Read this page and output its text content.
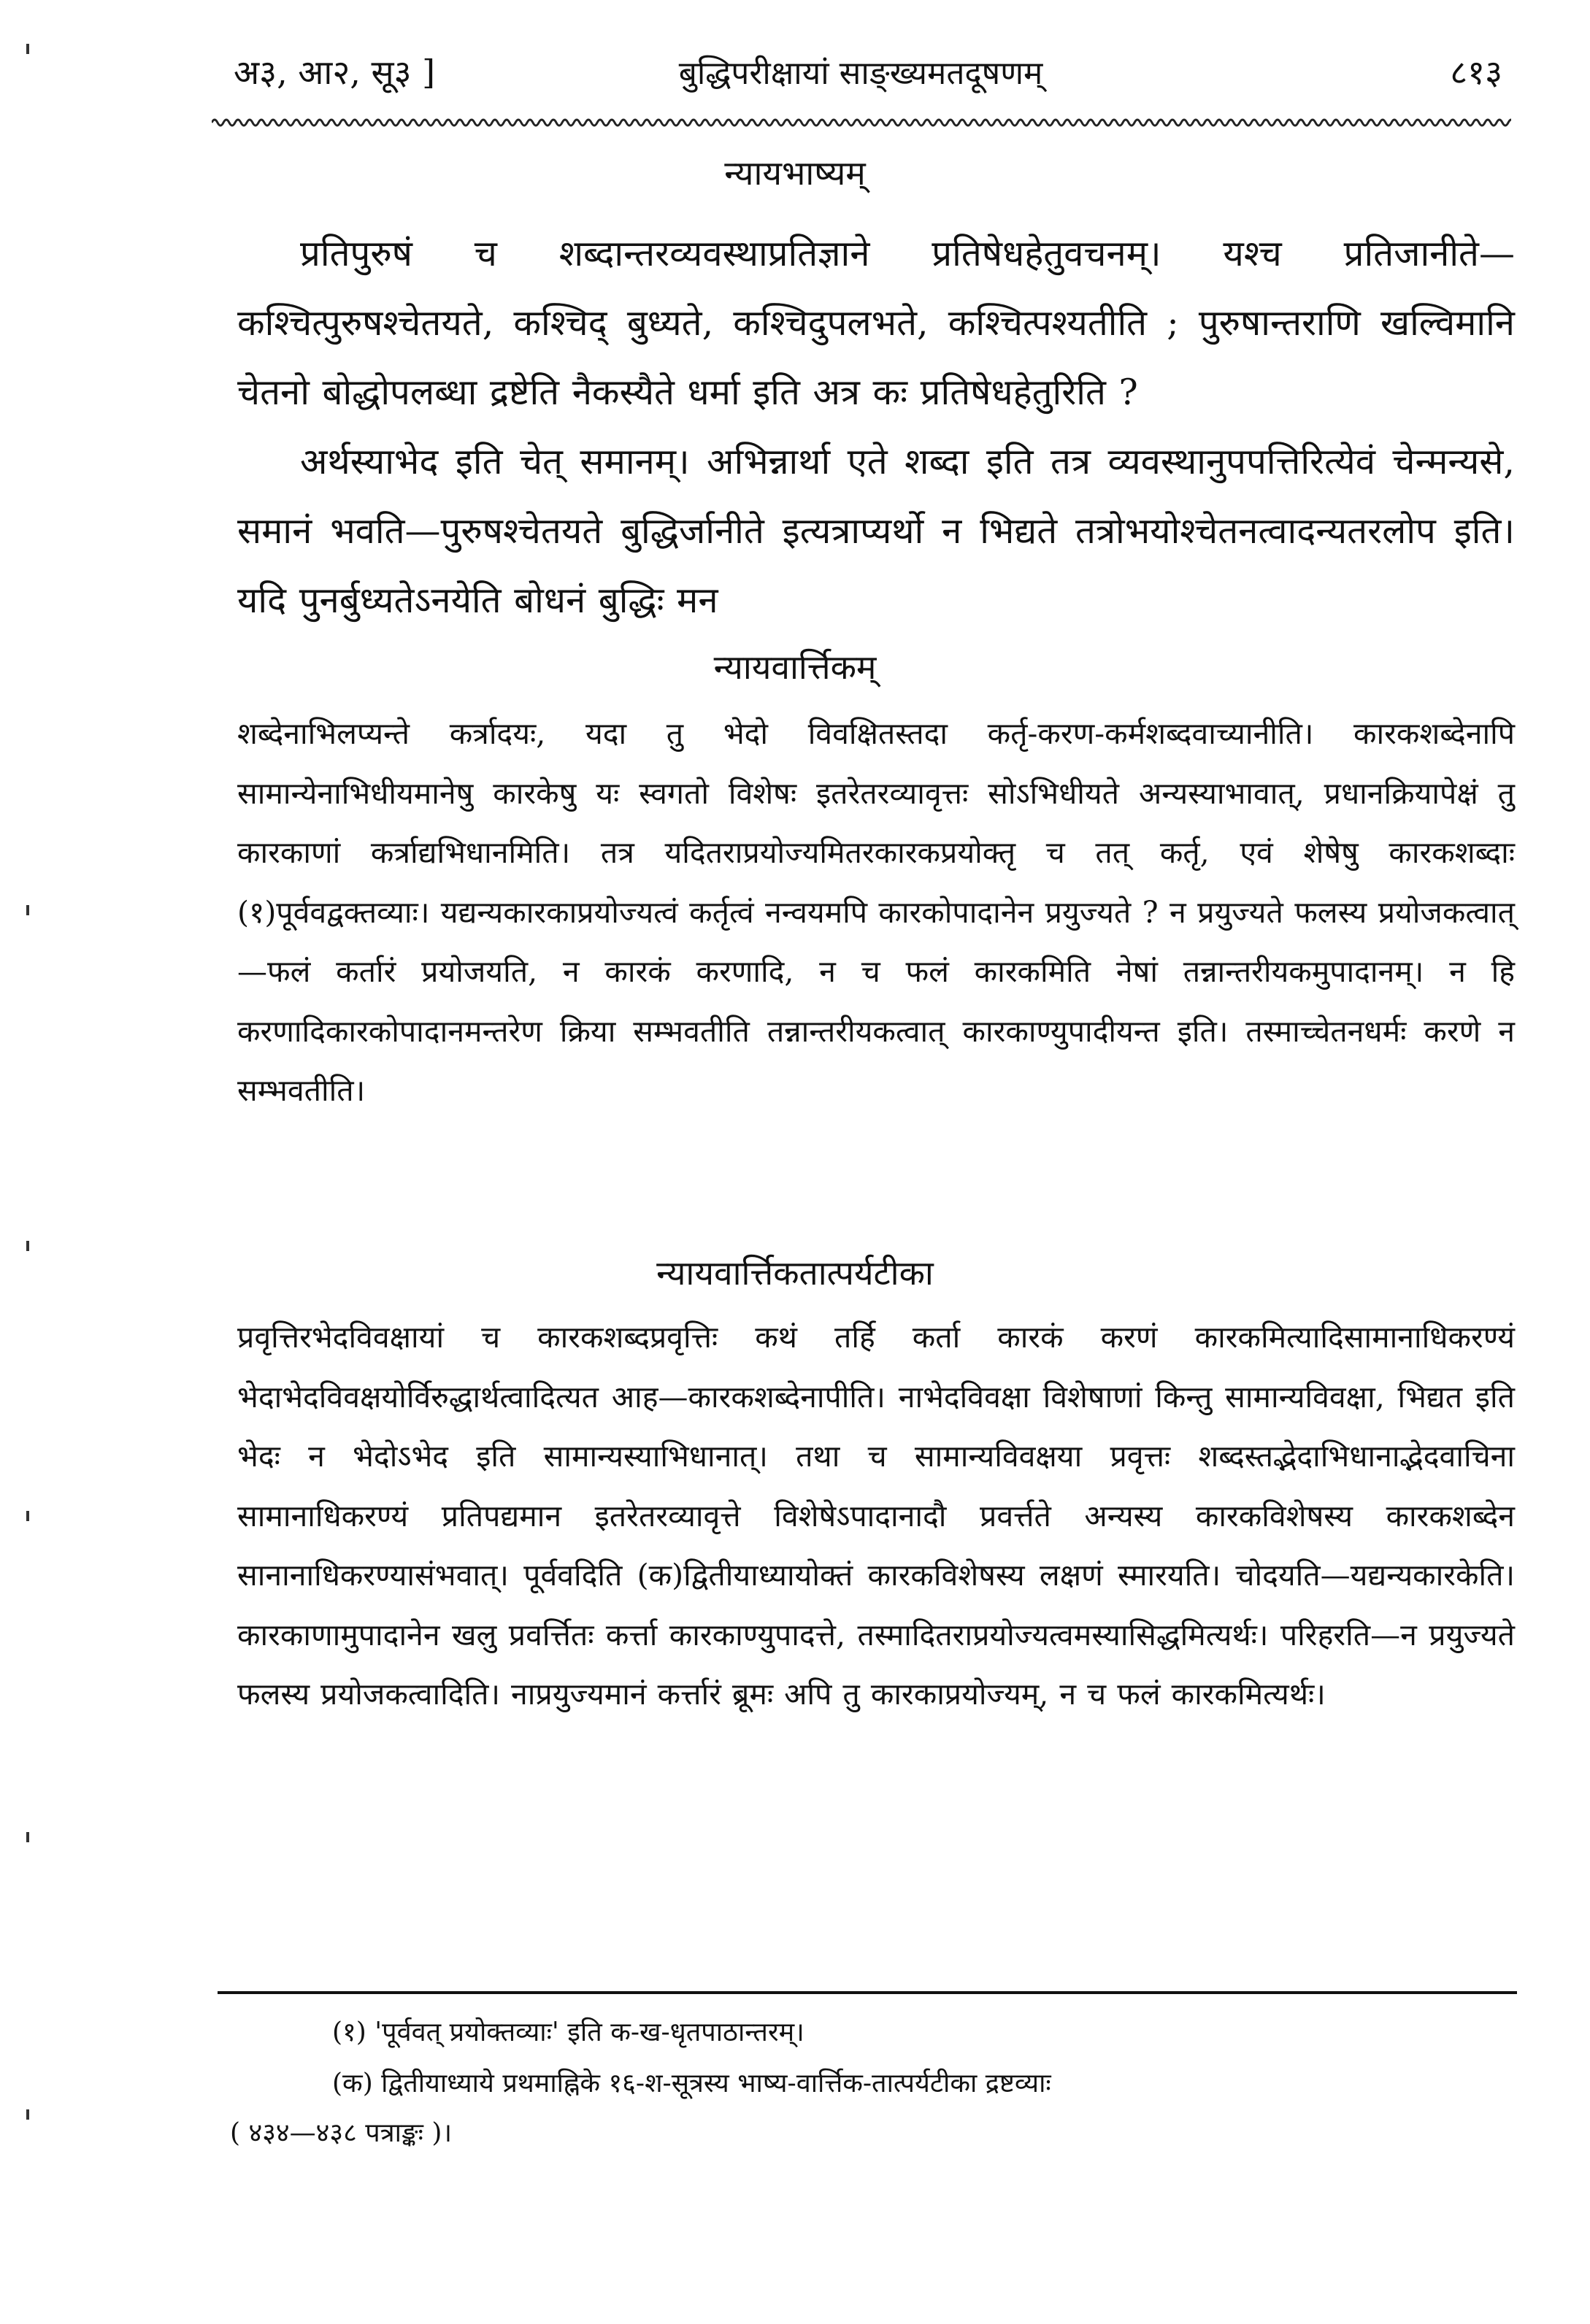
अ३, आ२, सू३ ]	बुद्धिपरीक्षायां साङ्ख्यमतदूषणम्	८१३
न्यायभाष्यम्

प्रतिपुरुषं च शब्दान्तरव्यवस्थाप्रतिज्ञाने प्रतिषेधहेतुवचनम्। यश्च प्रतिजानीते— कश्चित्पुरुषश्चेतयते, कश्चिद् बुध्यते, कश्चिदुपलभते, कश्चित्पश्यतीति ; पुरुषान्तराणि खल्विमानि चेतनो बोद्धोपलब्धा द्रष्टेति नैकस्यैते धर्मा इति अत्र कः प्रतिषेधहेतुरिति ?

अर्थस्याभेद इति चेत् समानम्। अभिन्नार्था एते शब्दा इति तत्र व्यवस्थानुपपत्तिरित्येवं चेन्मन्यसे, समानं भवति—पुरुषश्चेतयते बुद्धिर्जानीते इत्यत्राप्यर्थो न भिद्यते तत्रोभयोश्चेतनत्वादन्यतरलोप इति। यदि पुनर्बुध्यतेऽनयेति बोधनं बुद्धिः मन

न्यायवार्त्तिकम्

शब्देनाभिलप्यन्ते कर्त्रादयः, यदा तु भेदो विवक्षितस्तदा कर्तृ-करण-कर्मशब्दवाच्यानीति। कारकशब्देनापि सामान्येनाभिधीयमानेषु कारकेषु यः स्वगतो विशेषः इतरेतरव्यावृत्तः सोऽभिधीयते अन्यस्याभावात्, प्रधानक्रियापेक्षं तु कारकाणां कर्त्राद्यभिधानमिति। तत्र यदितराप्रयोज्यमितरकारकप्रयोक्तृ च तत् कर्तृ, एवं शेषेषु कारकशब्दाः (१)पूर्ववद्वक्तव्याः। यद्यन्यकारकाप्रयोज्यत्वं कर्तृत्वं नन्वयमपि कारकोपादानेन प्रयुज्यते ? न प्रयुज्यते फलस्य प्रयोजकत्वात् —फलं कर्तारं प्रयोजयति, न कारकं करणादि, न च फलं कारकमिति नेषां तन्नान्तरीयकमुपादानम्। न हि करणादिकारकोपादानमन्तरेण क्रिया सम्भवतीति तन्नान्तरीयकत्वात् कारकाण्युपादीयन्त इति। तस्माच्चेतनधर्मः करणे न सम्भवतीति।

न्यायवार्त्तिकतात्पर्यटीका

प्रवृत्तिरभेदविवक्षायां च कारकशब्दप्रवृत्तिः कथं तर्हि कर्ता कारकं करणं कारकमित्यादिसामानाधिकरण्यं भेदाभेदविवक्षयोर्विरुद्धार्थत्वादित्यत आह—कारकशब्देनापीति। नाभेदविवक्षा विशेषाणां किन्तु सामान्यविवक्षा, भिद्यत इति भेदः न भेदोऽभेद इति सामान्यस्याभिधानात्। तथा च सामान्यविवक्षया प्रवृत्तः शब्दस्तद्भेदाभिधानाद्भेदवाचिना सामानाधिकरण्यं प्रतिपद्यमान इतरेतरव्यावृत्ते विशेषेऽपादानादौ प्रवर्त्तते अन्यस्य कारकविशेषस्य कारकशब्देन सानानाधिकरण्यासंभवात्। पूर्ववदिति (क)द्वितीयाध्यायोक्तं कारकविशेषस्य लक्षणं स्मारयति। चोदयति—यद्यन्यकारकेति। कारकाणामुपादानेन खलु प्रवर्त्तितः कर्त्ता कारकाण्युपादत्ते, तस्मादितराप्रयोज्यत्वमस्यासिद्धमित्यर्थः। परिहरति—न प्रयुज्यते फलस्य प्रयोजकत्वादिति। नाप्रयुज्यमानं कर्त्तारं ब्रूमः अपि तु कारकाप्रयोज्यम्, न च फलं कारकमित्यर्थः।

(१) 'पूर्ववत् प्रयोक्तव्याः' इति क-ख-धृतपाठान्तरम्।
(क) द्वितीयाध्याये प्रथमाह्निके १६-श-सूत्रस्य भाष्य-वार्त्तिक-तात्पर्यटीका द्रष्टव्याः
( ४३४—४३८ पत्राङ्कः )।
